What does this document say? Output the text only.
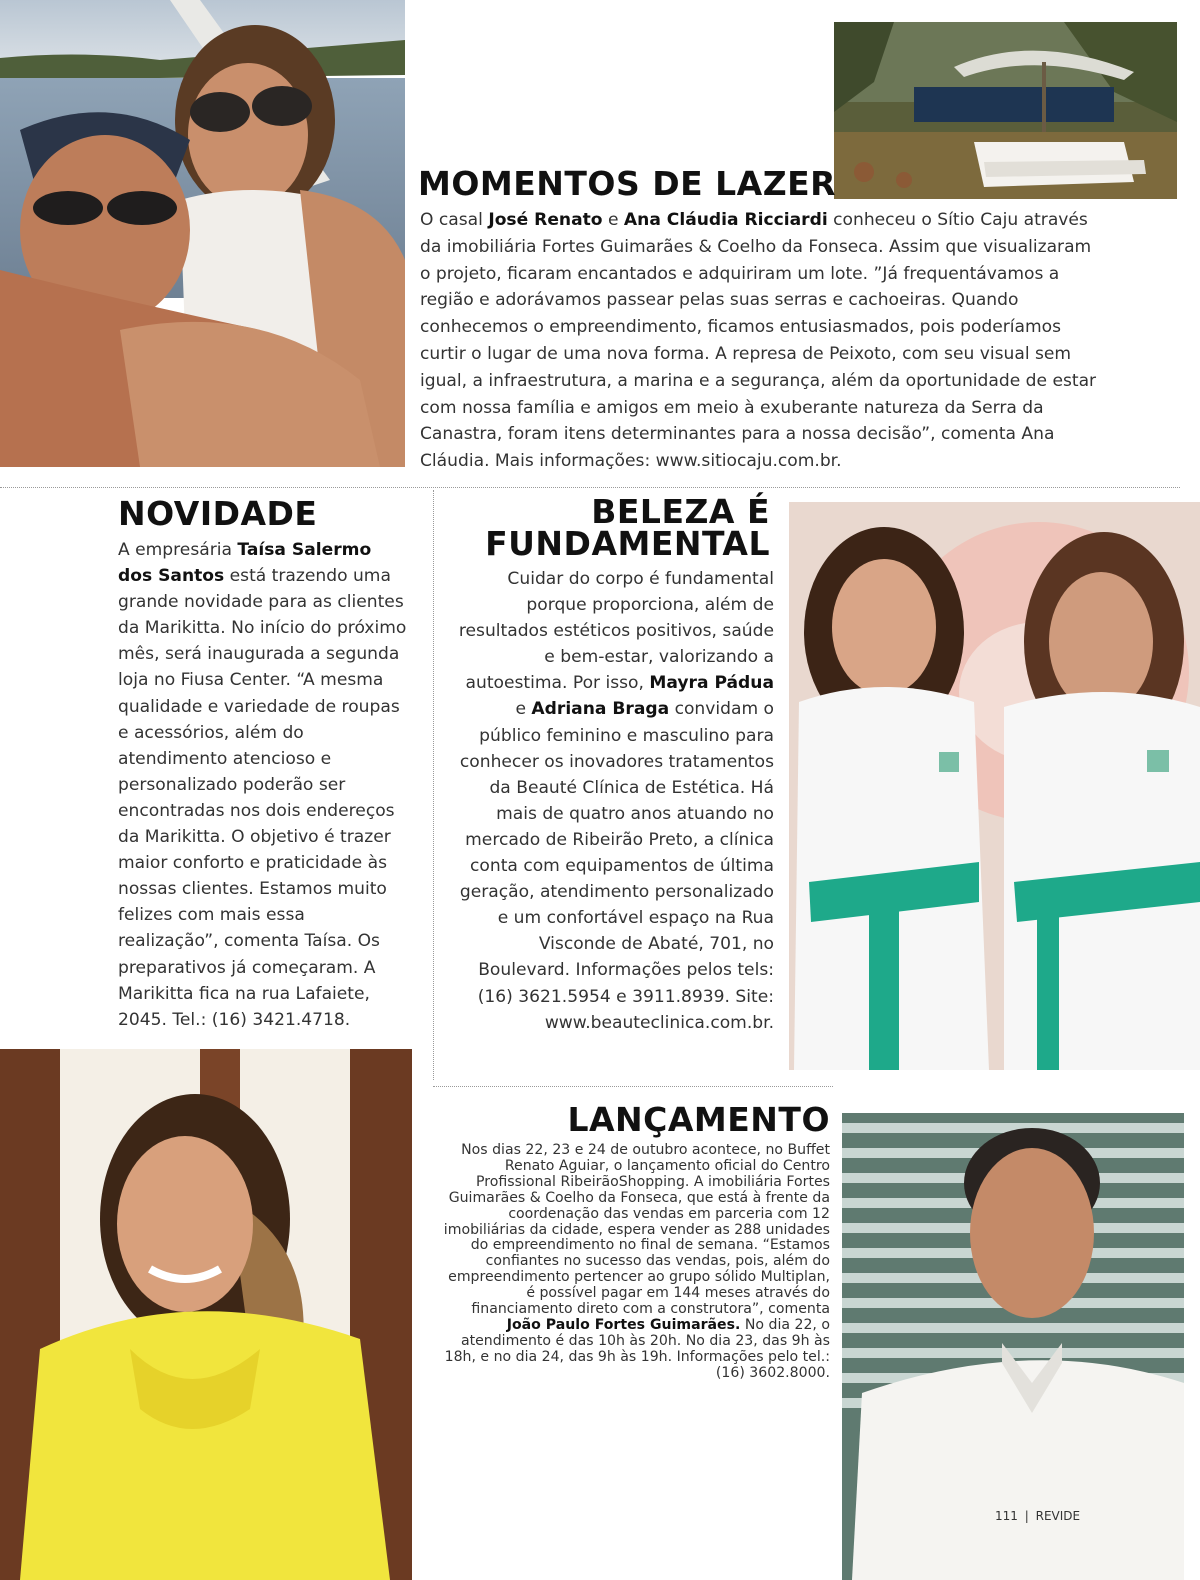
MOMENTOS DE LAZER

O casal José Renato e Ana Cláudia Ricciardi conheceu o Sítio Caju através da imobiliária Fortes Guimarães & Coelho da Fonseca. Assim que visualizaram o projeto, ficaram encantados e adquiriram um lote. ”Já frequentávamos a região e adorávamos passear pelas suas serras e cachoeiras. Quando conhecemos o empreendimento, ficamos entusiasmados, pois poderíamos curtir o lugar de uma nova forma. A represa de Peixoto, com seu visual sem igual, a infraestrutura, a marina e a segurança, além da oportunidade de estar com nossa família e amigos em meio à exuberante natureza da Serra da Canastra, foram itens determinantes para a nossa decisão”, comenta Ana Cláudia. Mais informações: www.sitiocaju.com.br.

NOVIDADE

A empresária Taísa Salermo dos Santos está trazendo uma grande novidade para as clientes da Marikitta. No início do próximo mês, será inaugurada a segunda loja no Fiusa Center. “A mesma qualidade e variedade de roupas e acessórios, além do atendimento atencioso e personalizado poderão ser encontradas nos dois endereços da Marikitta. O objetivo é trazer maior conforto e praticidade às nossas clientes. Estamos muito felizes com mais essa realização”, comenta Taísa. Os preparativos já começaram. A Marikitta fica na rua Lafaiete, 2045. Tel.: (16) 3421.4718.

BELEZA É
FUNDAMENTAL

Cuidar do corpo é fundamental porque proporciona, além de resultados estéticos positivos, saúde e bem-estar, valorizando a autoestima. Por isso, Mayra Pádua e Adriana Braga convidam o público feminino e masculino para conhecer os inovadores tratamentos da Beauté Clínica de Estética. Há mais de quatro anos atuando no mercado de Ribeirão Preto, a clínica conta com equipamentos de última geração, atendimento personalizado e um confortável espaço na Rua Visconde de Abaté, 701, no Boulevard. Informações pelos tels: (16) 3621.5954 e 3911.8939. Site: www.beauteclinica.com.br.

LANÇAMENTO

Nos dias 22, 23 e 24 de outubro acontece, no Buffet Renato Aguiar, o lançamento oficial do Centro Profissional RibeirãoShopping. A imobiliária Fortes Guimarães & Coelho da Fonseca, que está à frente da coordenação das vendas em parceria com 12 imobiliárias da cidade, espera vender as 288 unidades do empreendimento no final de semana. “Estamos confiantes no sucesso das vendas, pois, além do empreendimento pertencer ao grupo sólido Multiplan, é possível pagar em 144 meses através do financiamento direto com a construtora”, comenta João Paulo Fortes Guimarães. No dia 22, o atendimento é das 10h às 20h. No dia 23, das 9h às 18h, e no dia 24, das 9h às 19h. Informações pelo tel.: (16) 3602.8000.

111 | REVIDE
